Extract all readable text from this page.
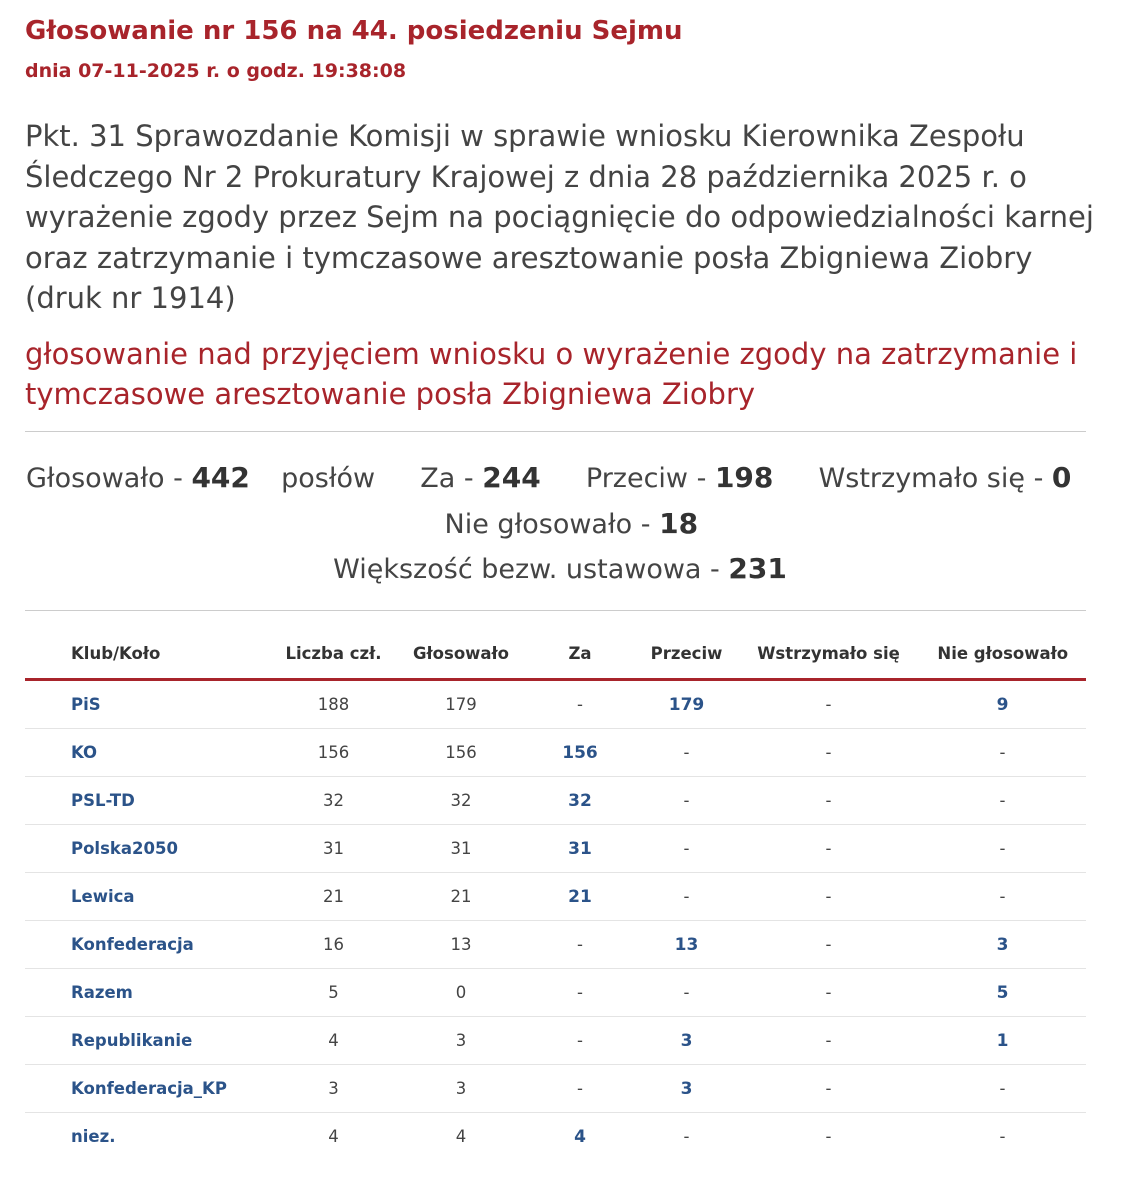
Głosowanie nr 156 na 44. posiedzeniu Sejmu
dnia 07-11-2025 r. o godz. 19:38:08
Pkt. 31 Sprawozdanie Komisji w sprawie wniosku Kierownika Zespołu Śledczego Nr 2 Prokuratury Krajowej z dnia 28 października 2025 r. o wyrażenie zgody przez Sejm na pociągnięcie do odpowiedzialności karnej oraz zatrzymanie i tymczasowe aresztowanie posła Zbigniewa Ziobry (druk nr 1914)
głosowanie nad przyjęciem wniosku o wyrażenie zgody na zatrzymanie i tymczasowe aresztowanie posła Zbigniewa Ziobry
Głosowało - 442 posłów Za - 244 Przeciw - 198 Wstrzymało się - 0  Nie głosowało - 18
Większość bezw. ustawowa - 231
Klub/Koło	Liczba czł.	Głosowało	Za	Przeciw	Wstrzymało się	Nie głosowało
PiS	188	179	-	179	-	9
KO	156	156	156	-	-	-
PSL-TD	32	32	32	-	-	-
Polska2050	31	31	31	-	-	-
Lewica	21	21	21	-	-	-
Konfederacja	16	13	-	13	-	3
Razem	5	0	-	-	-	5
Republikanie	4	3	-	3	-	1
Konfederacja_KP	3	3	-	3	-	-
niez.	4	4	4	-	-	-
